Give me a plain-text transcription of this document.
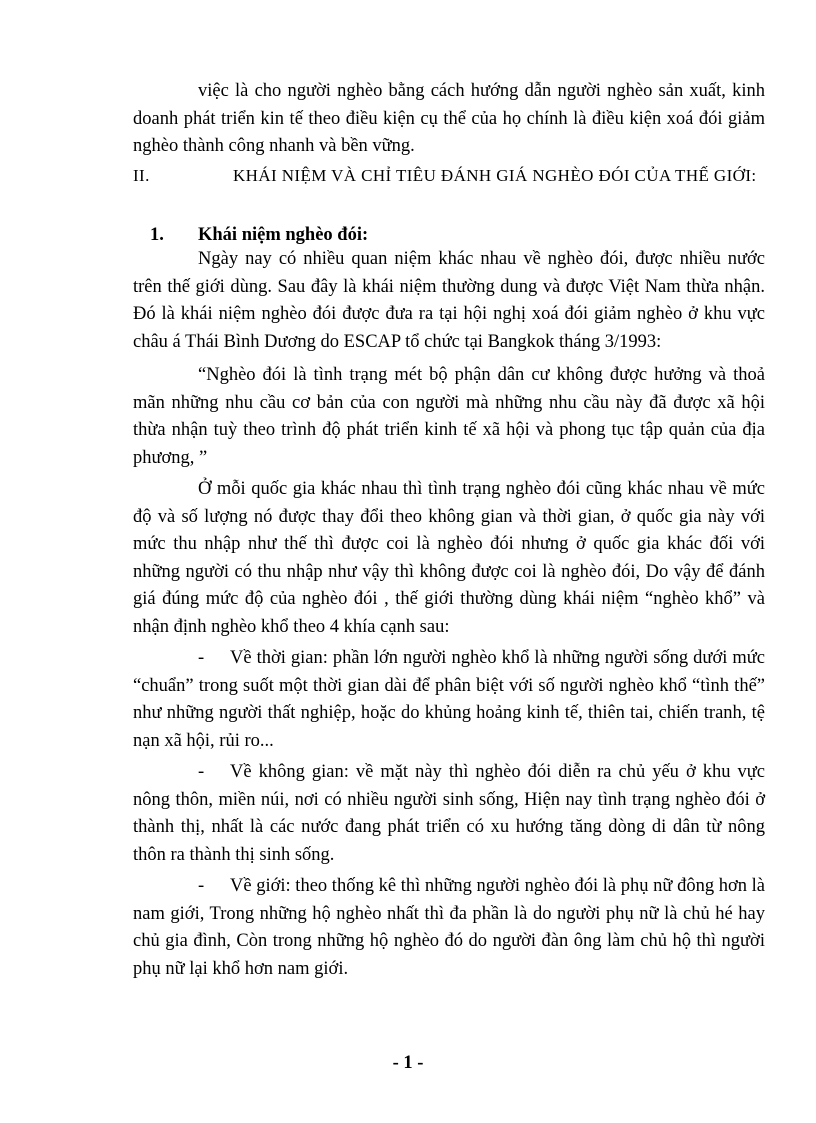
việc là cho người nghèo bằng cách hướng dẫn người nghèo sản xuất, kinh doanh phát triển kin tế theo điều kiện cụ thể của họ chính là điều kiện xoá đói giảm nghèo thành công nhanh và bền vững.
II.	KHÁI NIỆM VÀ CHỈ TIÊU ĐÁNH GIÁ NGHÈO ĐÓI CỦA THẾ GIỚI:
1. Khái niệm nghèo đói:
Ngày nay có nhiều quan niệm khác nhau về nghèo đói, được nhiều nước trên thế giới dùng. Sau đây là khái niệm thường dung và được Việt Nam thừa nhận. Đó là khái niệm nghèo đói được đưa ra tại hội nghị xoá đói giảm nghèo ở khu vực châu á Thái Bình Dương do ESCAP tổ chức tại Bangkok tháng 3/1993:
“Nghèo đói là tình trạng mét bộ phận dân cư không được hưởng và thoả mãn những nhu cầu cơ bản của con người mà những nhu cầu này đã được xã hội thừa nhận tuỳ theo trình độ phát triển kinh tế xã hội và phong tục tập quản của địa phương, ”
Ở mỗi quốc gia khác nhau thì tình trạng nghèo đói cũng khác nhau về mức độ và số lượng nó được thay đổi theo không gian và thời gian, ở quốc gia này với mức thu nhập như thế thì được coi là nghèo đói nhưng ở quốc gia khác đối với những người có thu nhập như vậy thì không được coi là nghèo đói, Do vậy để đánh giá đúng mức độ của nghèo đói , thế giới thường dùng khái niệm “nghèo khổ” và nhận định nghèo khổ theo 4 khía cạnh sau:
- Về thời gian: phần lớn người nghèo khổ là những người sống dưới mức “chuẩn” trong suốt một thời gian dài để phân biệt với số người nghèo khổ “tình thế” như những người thất nghiệp, hoặc do khủng hoảng kinh tế, thiên tai, chiến tranh, tệ nạn xã hội, rủi ro...
- Về không gian: về mặt này thì nghèo đói diễn ra chủ yếu ở khu vực nông thôn, miền núi, nơi có nhiều người sinh sống, Hiện nay tình trạng nghèo đói ở thành thị, nhất là các nước đang phát triển có xu hướng tăng dòng di dân từ nông thôn ra thành thị sinh sống.
- Về giới: theo thống kê thì những người nghèo đói là phụ nữ đông hơn là nam giới, Trong những hộ nghèo nhất thì đa phần là do người phụ nữ là chủ hé hay chủ gia đình, Còn trong những hộ nghèo đó do người đàn ông làm chủ hộ thì người phụ nữ lại khổ hơn nam giới.
- 1 -
